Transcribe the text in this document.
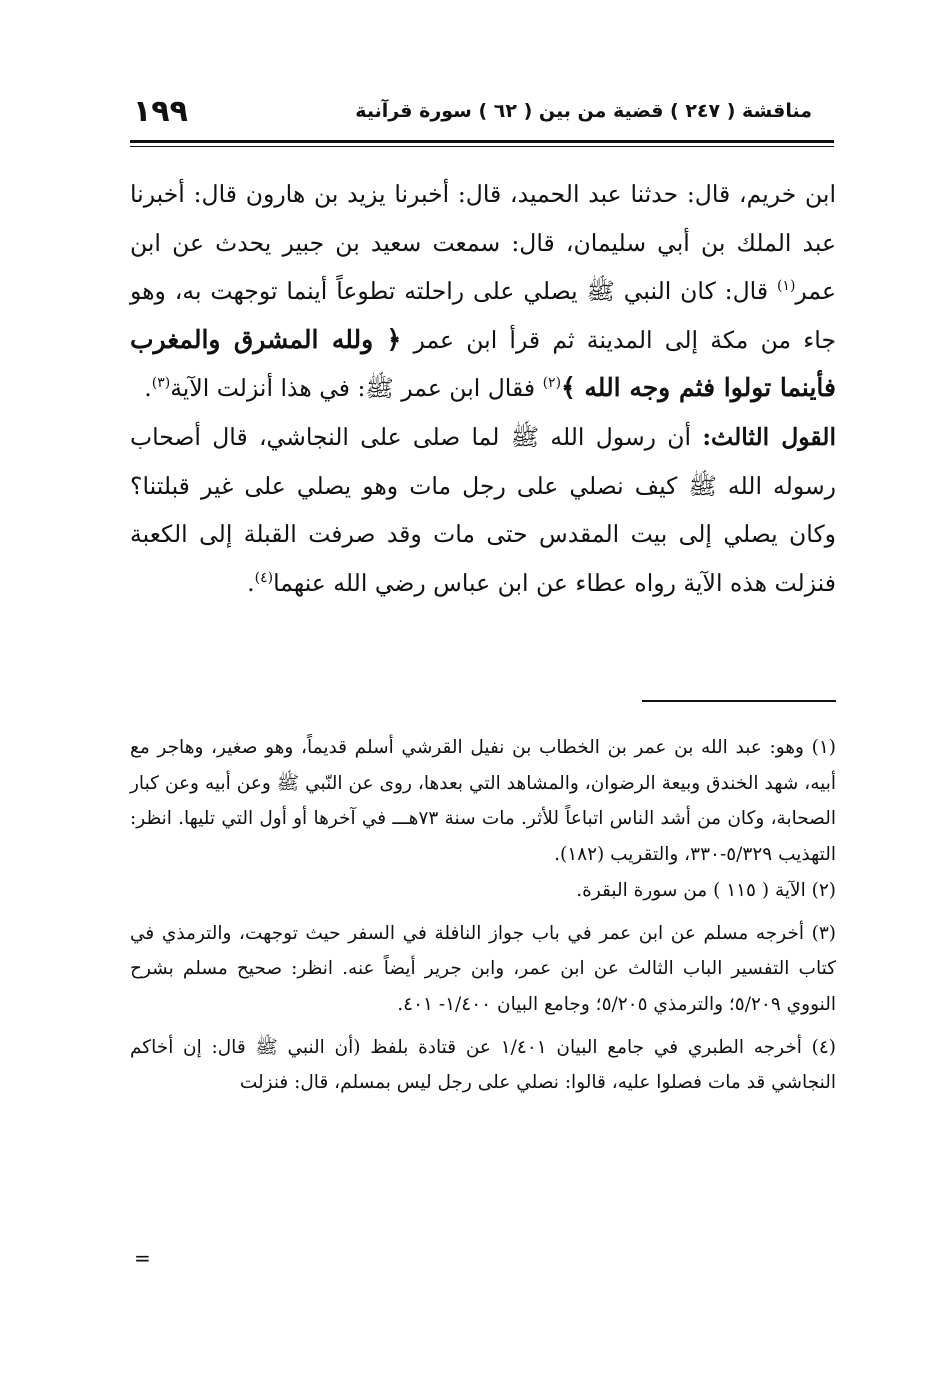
١٩٩	مناقشة ( ٢٤٧ ) قضية من بين ( ٦٢ ) سورة قرآنية

ابن خريم، قال: حدثنا عبد الحميد، قال: أخبرنا يزيد بن هارون قال: أخبرنا عبد الملك بن أبي سليمان، قال: سمعت سعيد بن جبير يحدث عن ابن عمر$^{(١)}$ قال: كان النبي ﷺ يصلي على راحلته تطوعاً أينما توجهت به، وهو جاء من مكة إلى المدينة ثم قرأ ابن عمر ﴿ ولله المشرق والمغرب فأينما تولوا فثم وجه الله ﴾$^{(٢)}$ فقال ابن عمر ﷺ: في هذا أنزلت الآية$^{(٣)}$.

القول الثالث: أن رسول الله ﷺ لما صلى على النجاشي، قال أصحاب رسوله الله ﷺ كيف نصلي على رجل مات وهو يصلي على غير قبلتنا؟ وكان يصلي إلى بيت المقدس حتى مات وقد صرفت القبلة إلى الكعبة فنزلت هذه الآية رواه عطاء عن ابن عباس رضي الله عنهما$^{(٤)}$.

(١) وهو: عبد الله بن عمر بن الخطاب بن نفيل القرشي أسلم قديماً، وهو صغير، وهاجر مع أبيه، شهد الخندق وبيعة الرضوان، والمشاهد التي بعدها، روى عن النّبي ﷺ وعن أبيه وعن كبار الصحابة، وكان من أشد الناس اتباعاً للأثر. مات سنة ٧٣هـــ في آخرها أو أول التي تليها. انظر: التهذيب ٥/٣٢٩-٣٣٠، والتقريب (١٨٢).

(٢) الآية ( ١١٥ ) من سورة البقرة.

(٣) أخرجه مسلم عن ابن عمر في باب جواز النافلة في السفر حيث توجهت، والترمذي في كتاب التفسير الباب الثالث عن ابن عمر، وابن جرير أيضاً عنه. انظر: صحيح مسلم بشرح النووي ٥/٢٠٩؛ والترمذي ٥/٢٠٥؛ وجامع البيان ١/٤٠٠- ٤٠١.

(٤) أخرجه الطبري في جامع البيان ١/٤٠١ عن قتادة بلفظ (أن النبي ﷺ قال: إن أخاكم النجاشي قد مات فصلوا عليه، قالوا: نصلي على رجل ليس بمسلم، قال: فنزلت

=
